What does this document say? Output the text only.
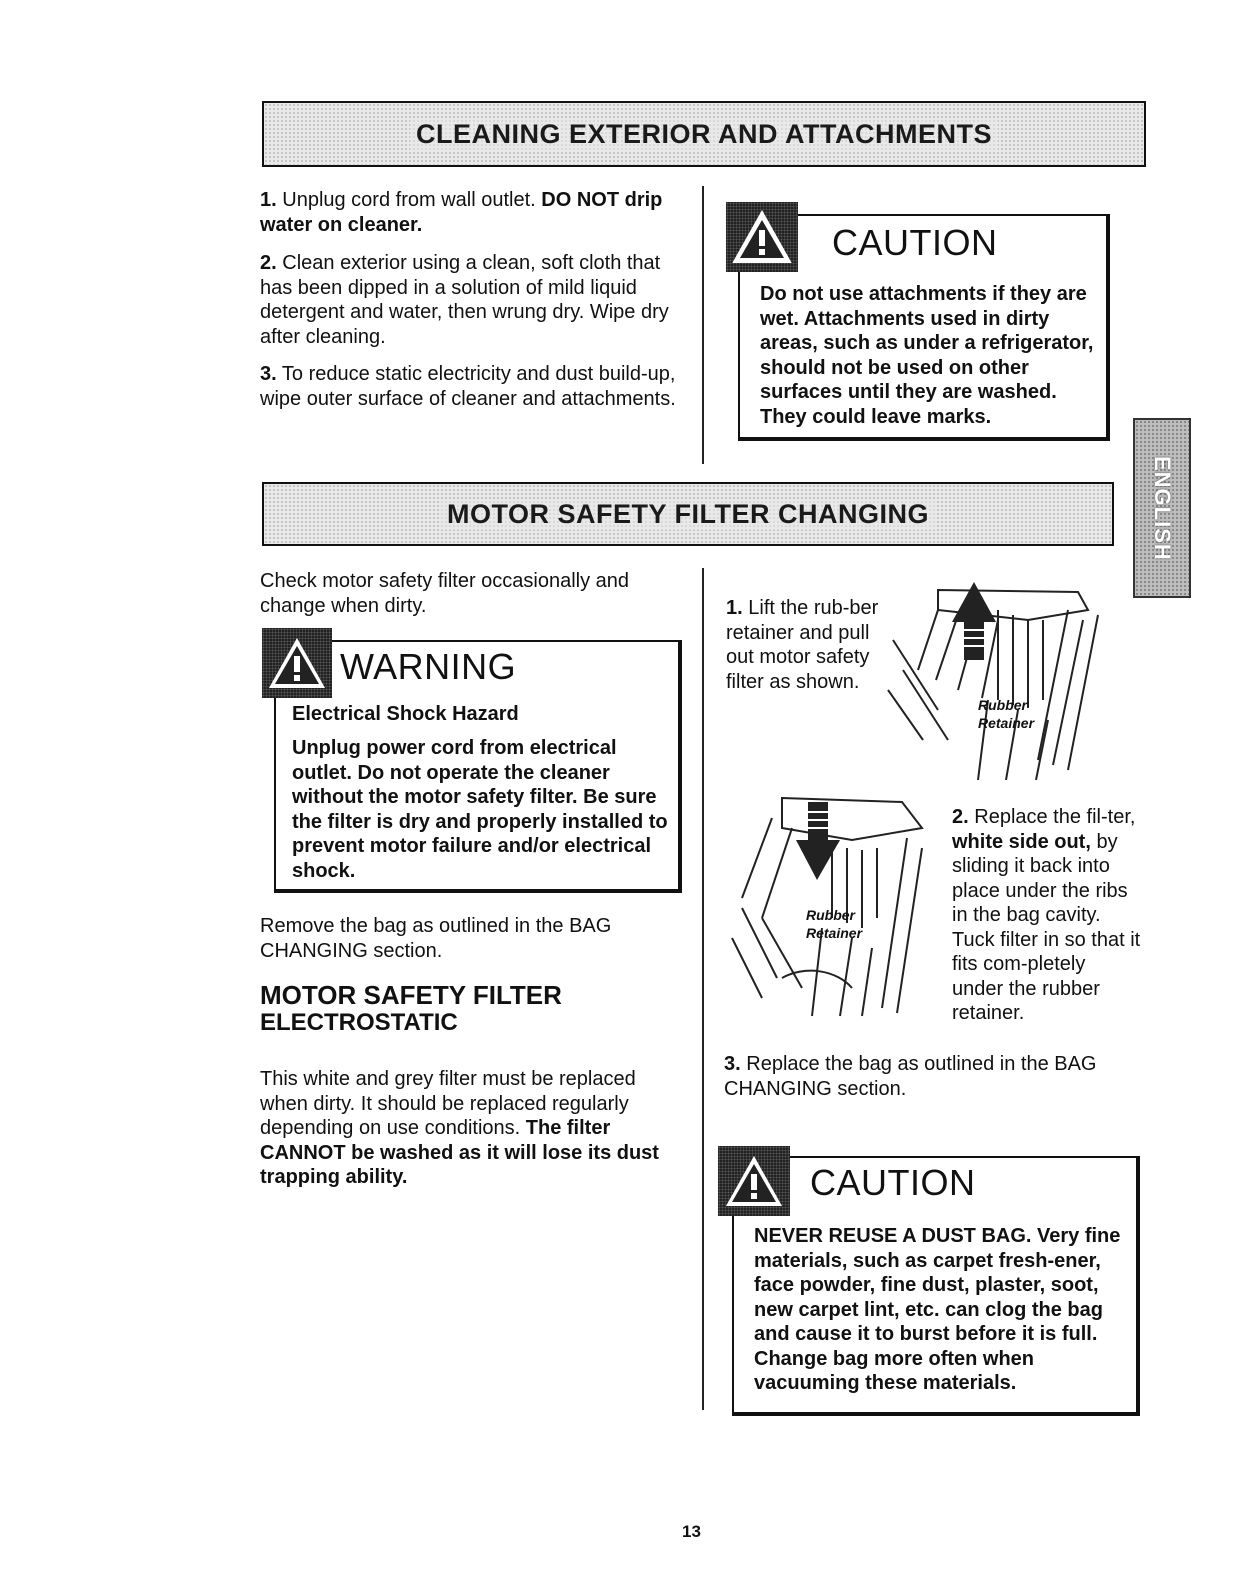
CLEANING EXTERIOR AND ATTACHMENTS

1. Unplug cord from wall outlet. DO NOT drip water on cleaner.

2. Clean exterior using a clean, soft cloth that has been dipped in a solution of mild liquid detergent and water, then wrung dry. Wipe dry after cleaning.

3. To reduce static electricity and dust build-up, wipe outer surface of cleaner and attachments.

CAUTION
Do not use attachments if they are wet. Attachments used in dirty areas, such as under a refrigerator, should not be used on other surfaces until they are washed. They could leave marks.
ENGLISH
MOTOR SAFETY FILTER CHANGING

Check motor safety filter occasionally and change when dirty.

WARNING
Electrical Shock Hazard
Unplug power cord from electrical outlet. Do not operate the cleaner without the motor safety filter. Be sure the filter is dry and properly installed to prevent motor failure and/or electrical shock.

Remove the bag as outlined in the BAG CHANGING section.

MOTOR SAFETY FILTER
ELECTROSTATIC

This white and grey filter must be replaced when dirty. It should be replaced regularly depending on use conditions. The filter CANNOT be washed as it will lose its dust trapping ability.

1. Lift the rub-ber retainer and pull out motor safety filter as shown.

Rubber
Retainer
Rubber
Retainer

2. Replace the fil-ter, white side out, by sliding it back into place under the ribs in the bag cavity. Tuck filter in so that it fits com-pletely under the rubber retainer.

3. Replace the bag as outlined in the BAG CHANGING section.

CAUTION
NEVER REUSE A DUST BAG. Very fine materials, such as carpet fresh-ener, face powder, fine dust, plaster, soot, new carpet lint, etc. can clog the bag and cause it to burst before it is full. Change bag more often when vacuuming these materials.
13
